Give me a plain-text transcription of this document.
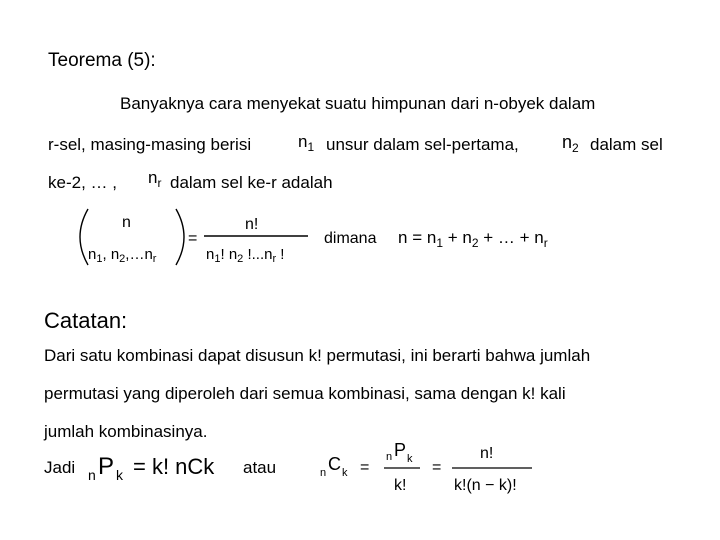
Teorema (5):
Banyaknya cara menyekat suatu himpunan dari n-obyek dalam
r-sel, masing-masing berisi	$n_1$ unsur dalam sel-pertama, $n_2$ dalam sel
ke-2, … , $n_r$ dalam sel ke-r adalah
n
$n_1$, $n_2,\dots n_r$
=
n!
$n_1$! $n_2$ $!...n_r$ !
dimana $n = n_1 + n_2$ + … + $n_r$
Catatan:
Dari satu kombinasi dapat disusun k! permutasi, ini berarti bahwa jumlah
permutasi yang diperoleh dari semua kombinasi, sama dengan k! kali
jumlah kombinasinya.
Jadi n P k = k! nCk atau	n C k =
n P k
k!
=
n!
k!(n − k)!
